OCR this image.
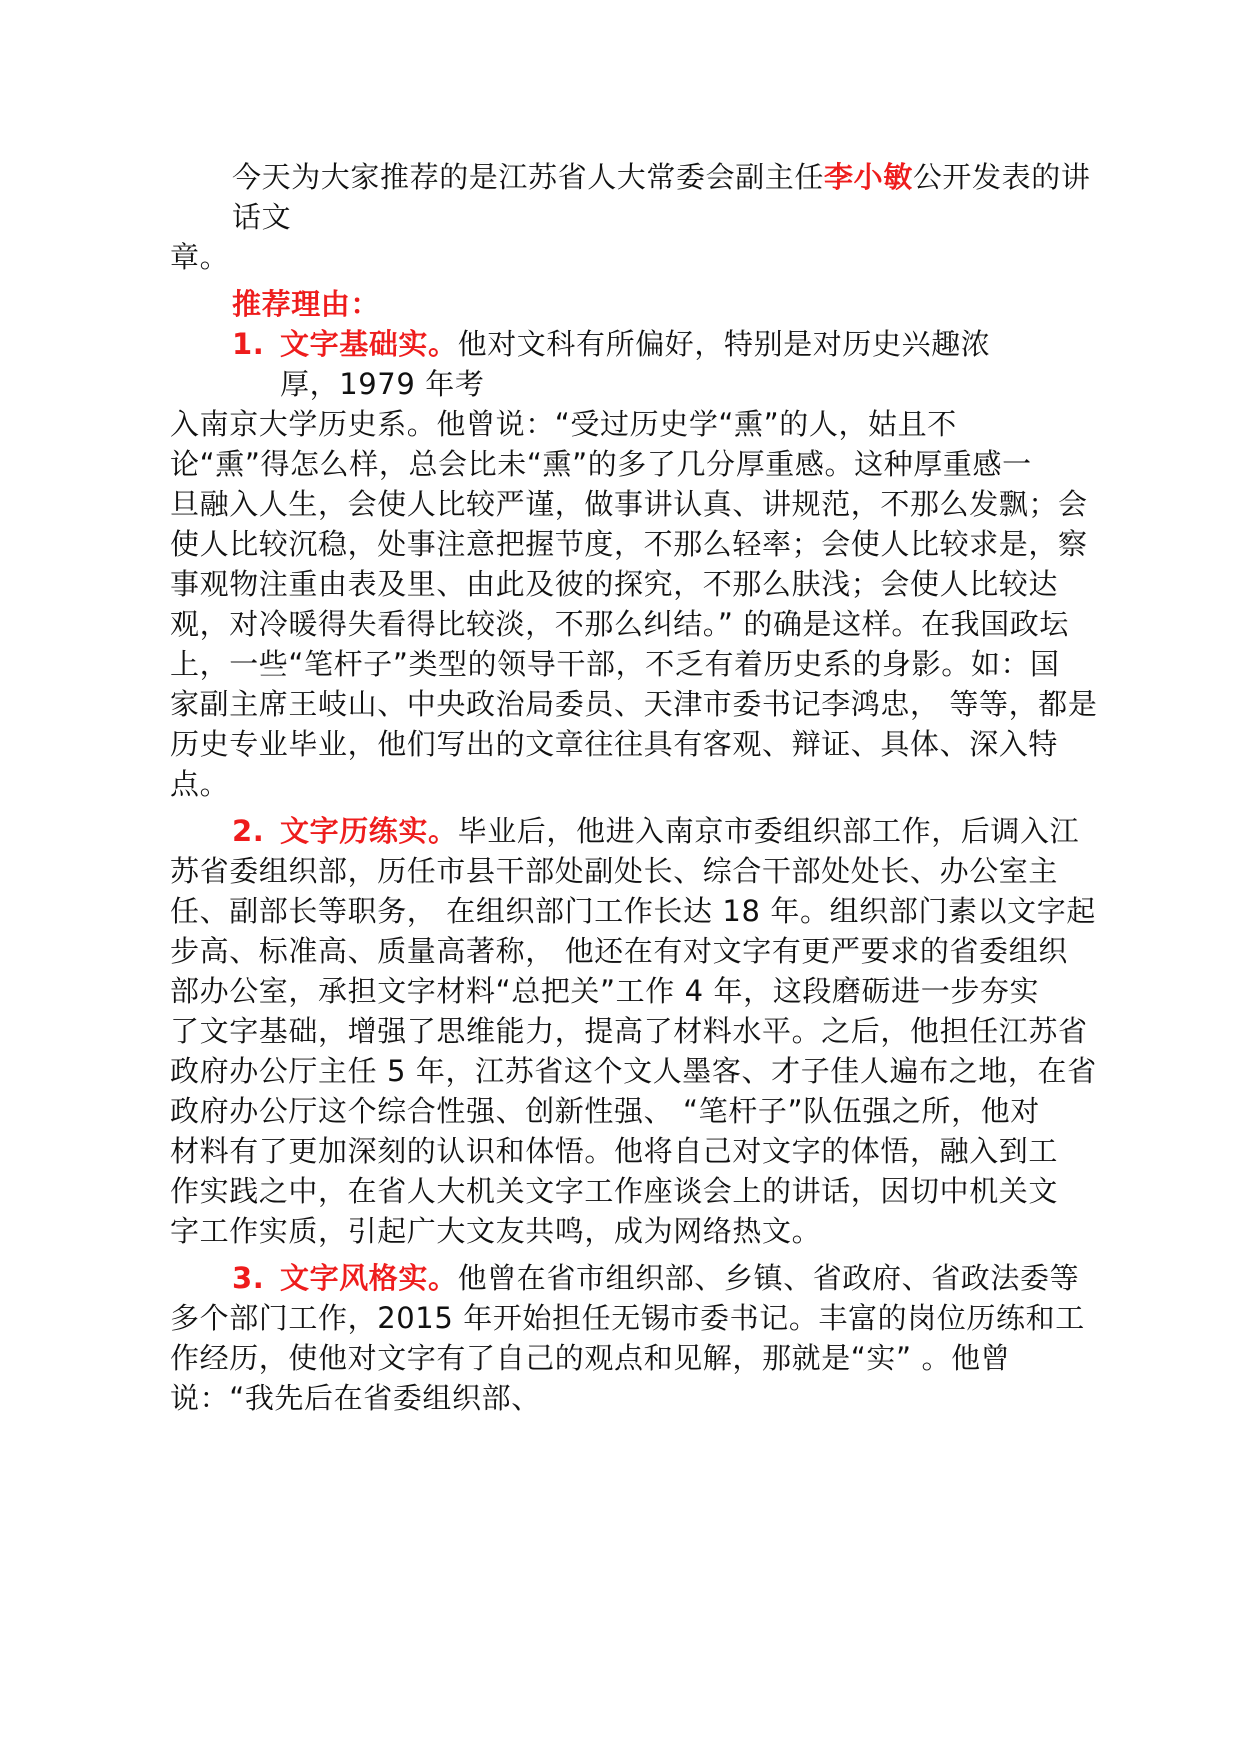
今天为大家推荐的是江苏省人大常委会副主任李小敏公开发表的讲
话文
章。
推荐理由：
1. 文字基础实。他对文科有所偏好，特别是对历史兴趣浓
厚，1979 年考
入南京大学历史系。他曾说：“受过历史学“熏”的人，姑且不
论“熏”得怎么样，总会比未“熏”的多了几分厚重感。这种厚重感一
旦融入人生，会使人比较严谨，做事讲认真、讲规范，不那么发飘；会
使人比较沉稳，处事注意把握节度，不那么轻率；会使人比较求是，察
事观物注重由表及里、由此及彼的探究，不那么肤浅；会使人比较达
观，对冷暖得失看得比较淡，不那么纠结。” 的确是这样。在我国政坛
上，一些“笔杆子”类型的领导干部，不乏有着历史系的身影。如：国
家副主席王岐山、中央政治局委员、天津市委书记李鸿忠， 等等，都是
历史专业毕业，他们写出的文章往往具有客观、辩证、具体、深入特
点。
2. 文字历练实。毕业后，他进入南京市委组织部工作，后调入江
苏省委组织部，历任市县干部处副处长、综合干部处处长、办公室主
任、副部长等职务， 在组织部门工作长达 18 年。组织部门素以文字起
步高、标准高、质量高著称， 他还在有对文字有更严要求的省委组织
部办公室，承担文字材料“总把关”工作 4 年，这段磨砺进一步夯实
了文字基础，增强了思维能力，提高了材料水平。之后，他担任江苏省
政府办公厅主任 5 年，江苏省这个文人墨客、才子佳人遍布之地，在省
政府办公厅这个综合性强、创新性强、 “笔杆子”队伍强之所，他对
材料有了更加深刻的认识和体悟。他将自己对文字的体悟，融入到工
作实践之中，在省人大机关文字工作座谈会上的讲话，因切中机关文
字工作实质，引起广大文友共鸣，成为网络热文。
3. 文字风格实。他曾在省市组织部、乡镇、省政府、省政法委等
多个部门工作，2015 年开始担任无锡市委书记。丰富的岗位历练和工
作经历，使他对文字有了自己的观点和见解，那就是“实” 。他曾
说：“我先后在省委组织部、
